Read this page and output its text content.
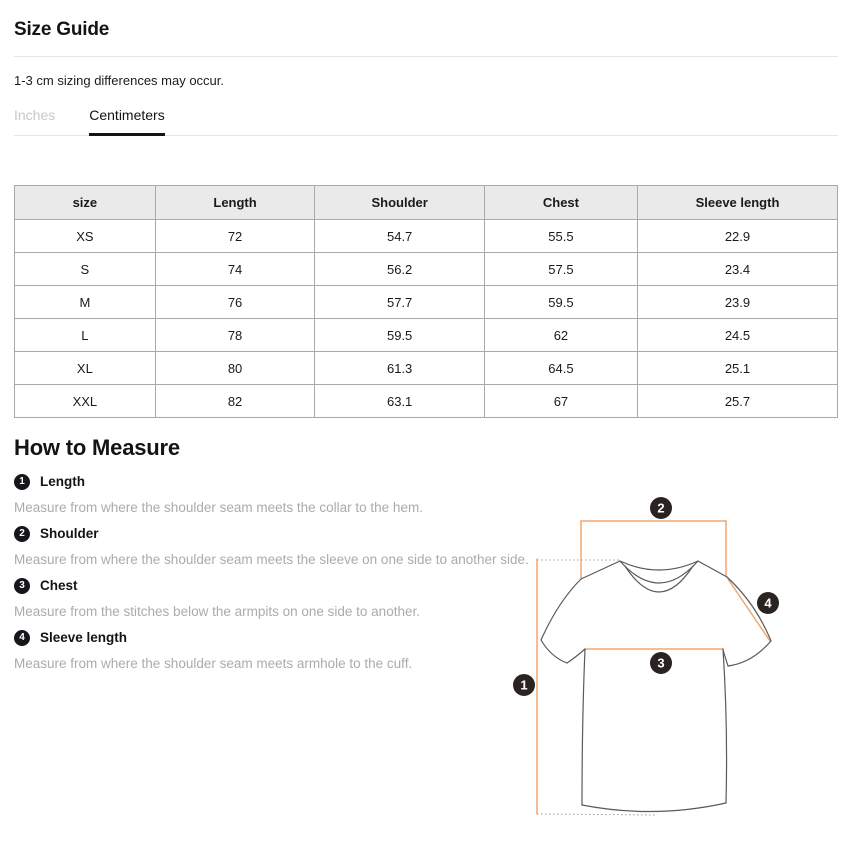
Size Guide

1-3 cm sizing differences may occur.

Inches Centimeters
size	Length	Shoulder	Chest	Sleeve length
XS	72	54.7	55.5	22.9
S	74	56.2	57.5	23.4
M	76	57.7	59.5	23.9
L	78	59.5	62	24.5
XL	80	61.3	64.5	25.1
XXL	82	63.1	67	25.7
How to Measure
1	Length

Measure from where the shoulder seam meets the collar to the hem.

2	Shoulder

Measure from where the shoulder seam meets the sleeve on one side to another side.

3	Chest

Measure from the stitches below the armpits on one side to another.

4	Sleeve length

Measure from where the shoulder seam meets armhole to the cuff.

2
1
3
4
